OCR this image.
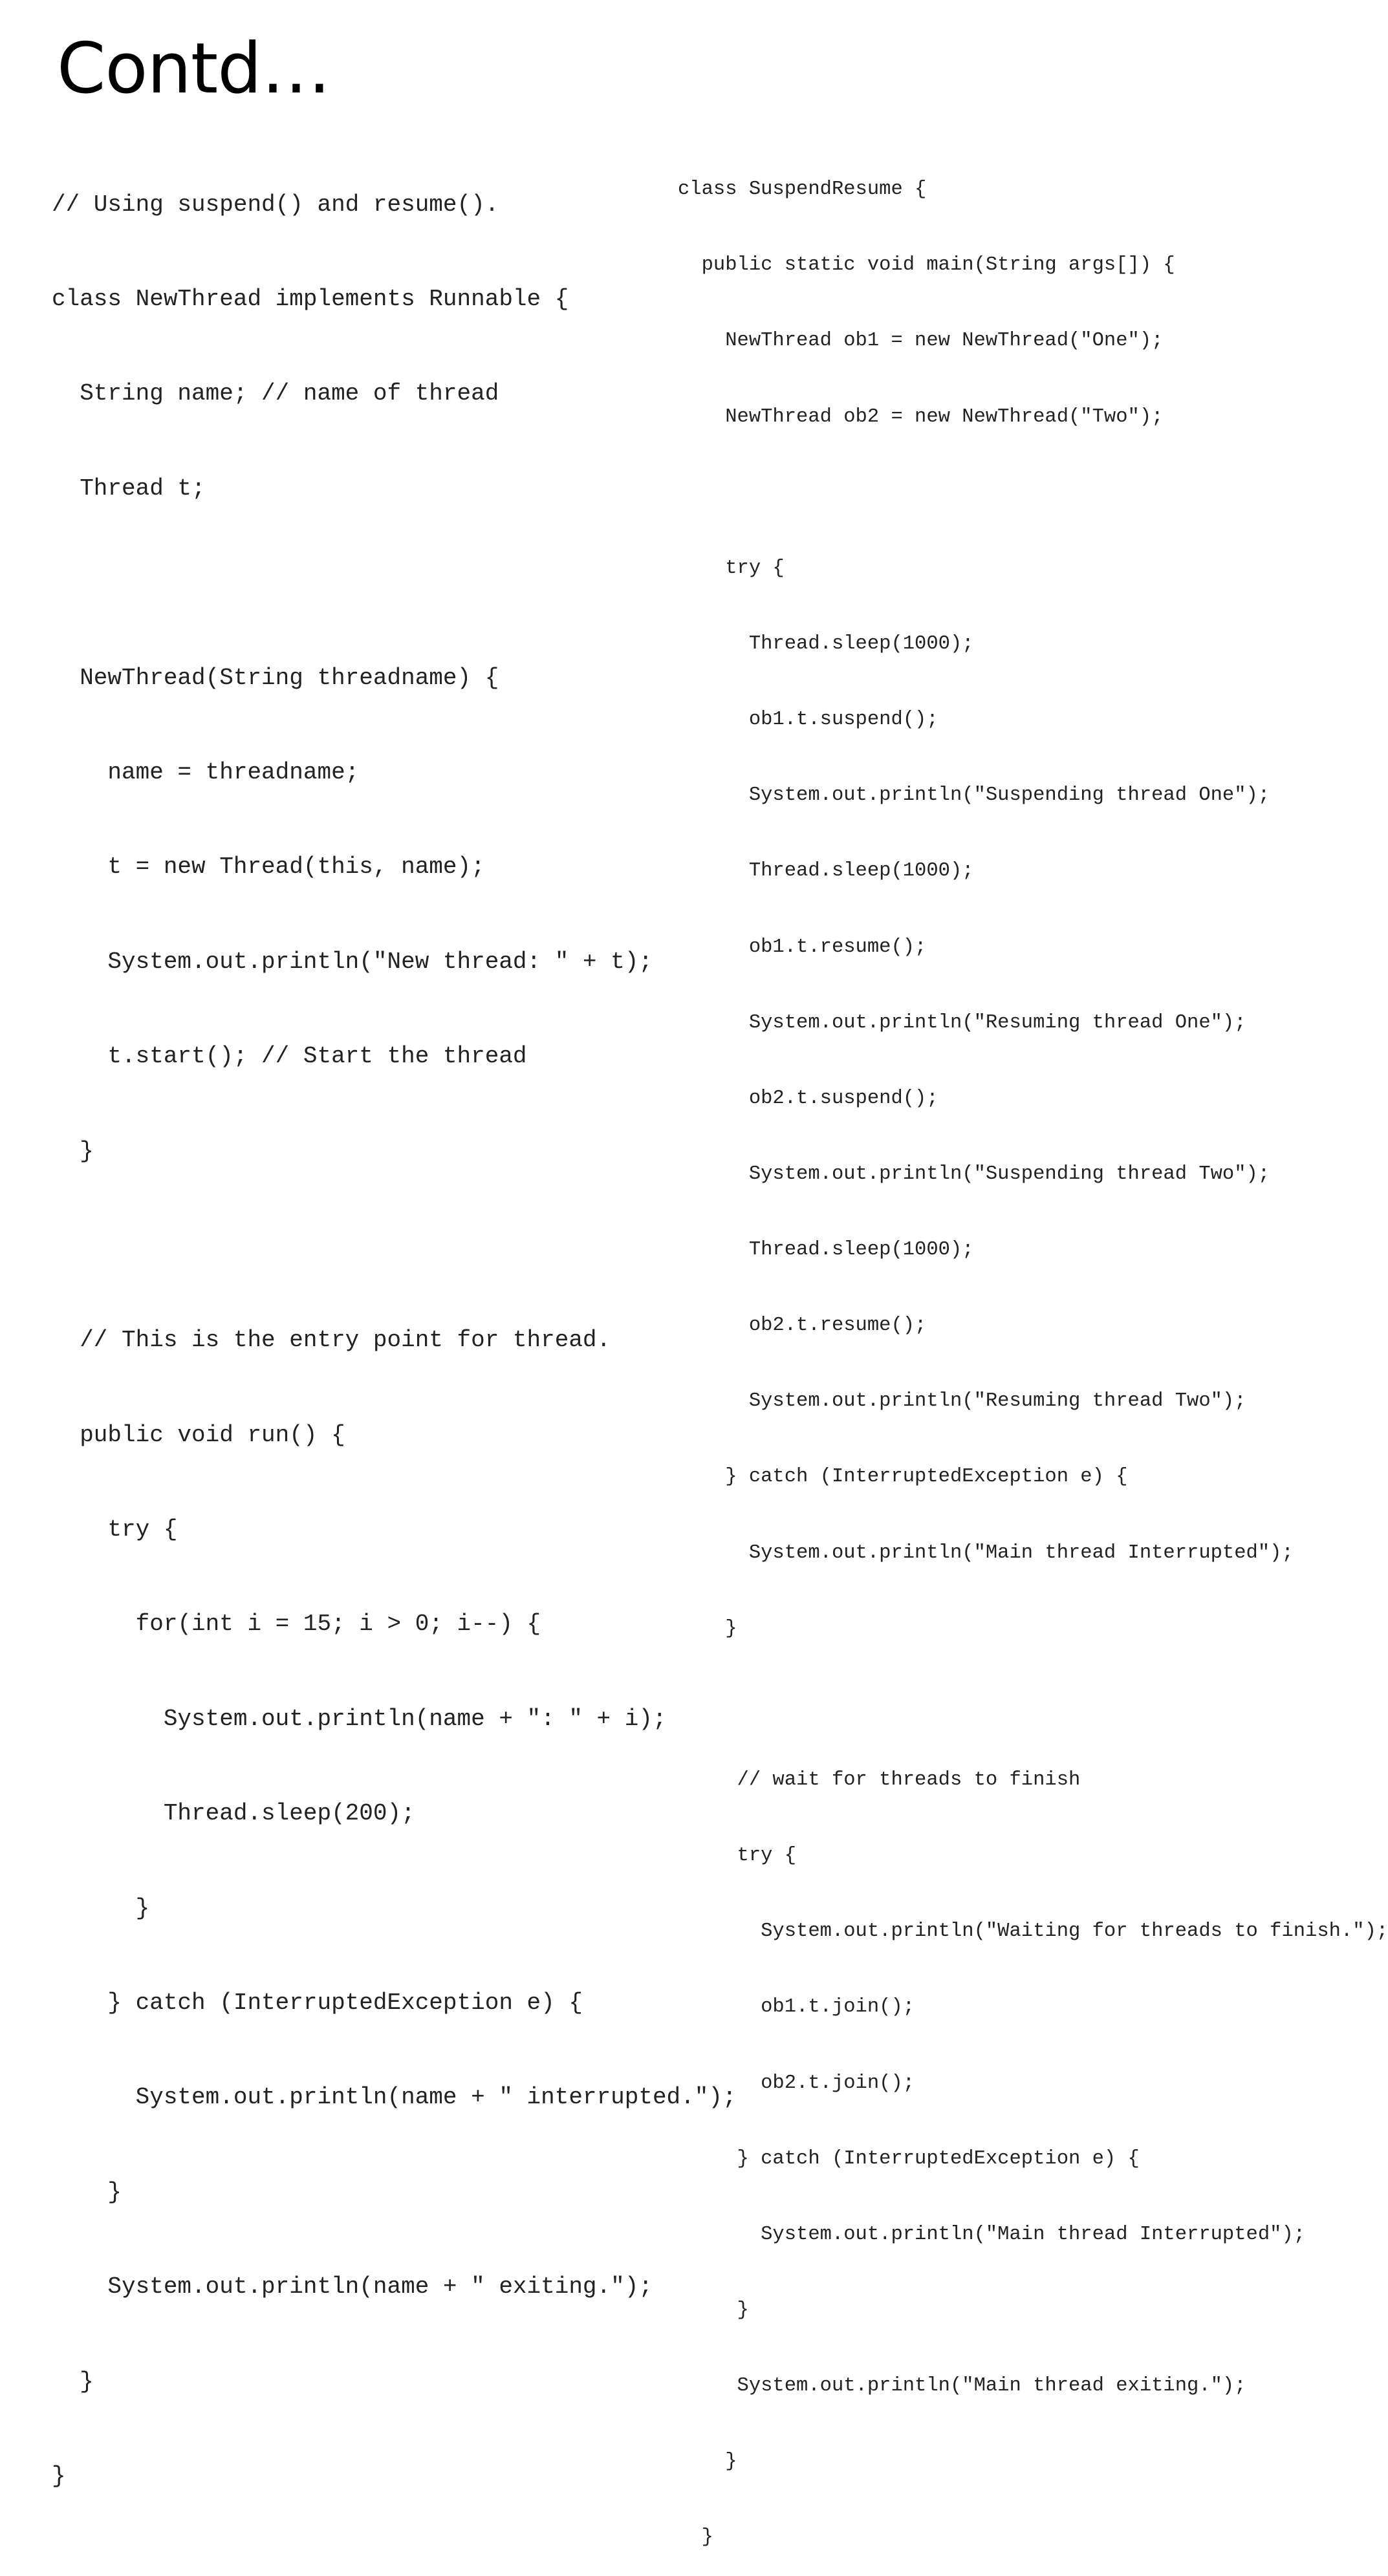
Contd…

// Using suspend() and resume().

class NewThread implements Runnable {

String name; // name of thread

Thread t;

NewThread(String threadname) {

name = threadname;

t = new Thread(this, name);

System.out.println("New thread: " + t);

t.start(); // Start the thread

}

// This is the entry point for thread.

public void run() {

try {

for(int i = 15; i > 0; i--) {

System.out.println(name + ": " + i);

Thread.sleep(200);

}

} catch (InterruptedException e) {

System.out.println(name + " interrupted.");

}

System.out.println(name + " exiting.");

}

}

class SuspendResume {

public static void main(String args[]) {

NewThread ob1 = new NewThread("One");

NewThread ob2 = new NewThread("Two");

try {

Thread.sleep(1000);

ob1.t.suspend();

System.out.println("Suspending thread One");

Thread.sleep(1000);

ob1.t.resume();

System.out.println("Resuming thread One");

ob2.t.suspend();

System.out.println("Suspending thread Two");

Thread.sleep(1000);

ob2.t.resume();

System.out.println("Resuming thread Two");

} catch (InterruptedException e) {

System.out.println("Main thread Interrupted");

}

// wait for threads to finish

try {

System.out.println("Waiting for threads to finish.");

ob1.t.join();

ob2.t.join();

} catch (InterruptedException e) {

System.out.println("Main thread Interrupted");

}

System.out.println("Main thread exiting.");

}

}
